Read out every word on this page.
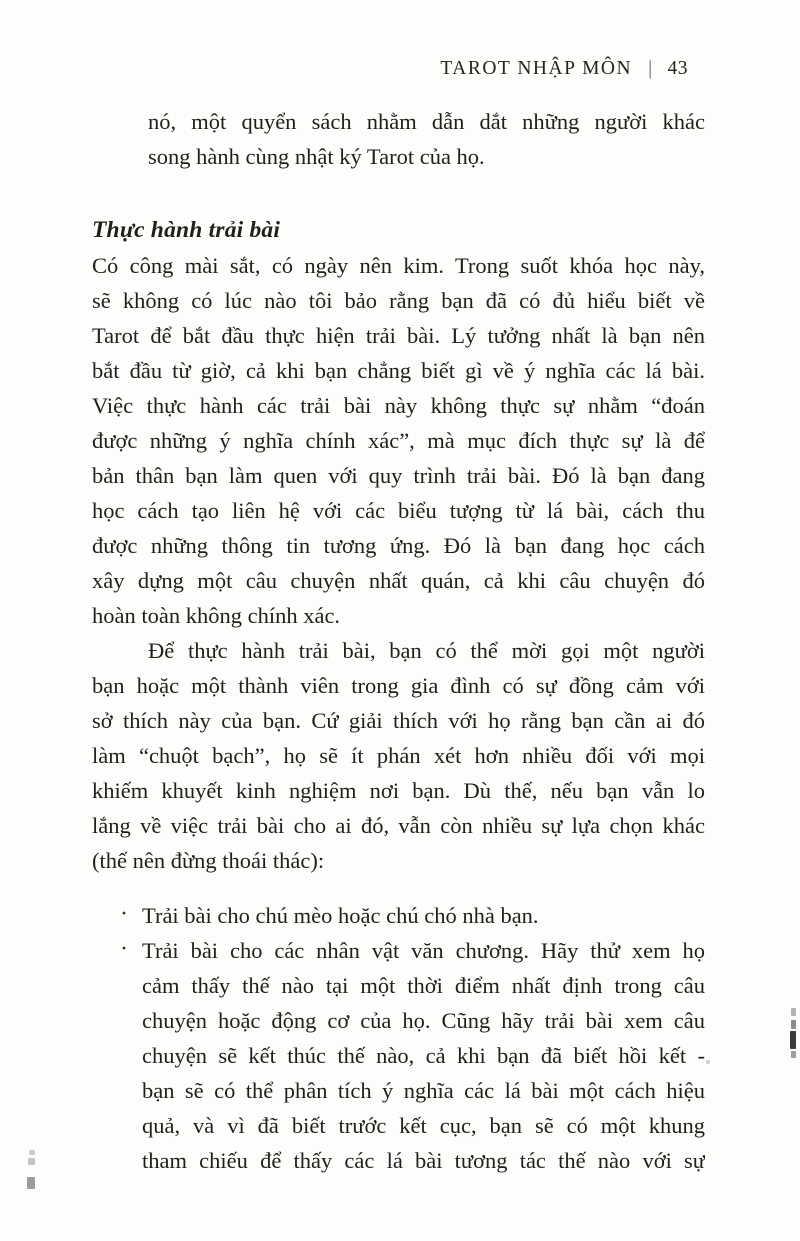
TAROT NHẬP MÔN | 43
nó, một quyển sách nhằm dẫn dắt những người khác
song hành cùng nhật ký Tarot của họ.
Thực hành trải bài
Có công mài sắt, có ngày nên kim. Trong suốt khóa học này,
sẽ không có lúc nào tôi bảo rằng bạn đã có đủ hiểu biết về
Tarot để bắt đầu thực hiện trải bài. Lý tưởng nhất là bạn nên
bắt đầu từ giờ, cả khi bạn chẳng biết gì về ý nghĩa các lá bài.
Việc thực hành các trải bài này không thực sự nhằm “đoán
được những ý nghĩa chính xác”, mà mục đích thực sự là để
bản thân bạn làm quen với quy trình trải bài. Đó là bạn đang
học cách tạo liên hệ với các biểu tượng từ lá bài, cách thu
được những thông tin tương ứng. Đó là bạn đang học cách
xây dựng một câu chuyện nhất quán, cả khi câu chuyện đó
hoàn toàn không chính xác.
Để thực hành trải bài, bạn có thể mời gọi một người
bạn hoặc một thành viên trong gia đình có sự đồng cảm với
sở thích này của bạn. Cứ giải thích với họ rằng bạn cần ai đó
làm “chuột bạch”, họ sẽ ít phán xét hơn nhiều đối với mọi
khiếm khuyết kinh nghiệm nơi bạn. Dù thế, nếu bạn vẫn lo
lắng về việc trải bài cho ai đó, vẫn còn nhiều sự lựa chọn khác
(thế nên đừng thoái thác):
· Trải bài cho chú mèo hoặc chú chó nhà bạn.
· Trải bài cho các nhân vật văn chương. Hãy thử xem họ
cảm thấy thế nào tại một thời điểm nhất định trong câu
chuyện hoặc động cơ của họ. Cũng hãy trải bài xem câu
chuyện sẽ kết thúc thế nào, cả khi bạn đã biết hồi kết -
bạn sẽ có thể phân tích ý nghĩa các lá bài một cách hiệu
quả, và vì đã biết trước kết cục, bạn sẽ có một khung
tham chiếu để thấy các lá bài tương tác thế nào với sự
